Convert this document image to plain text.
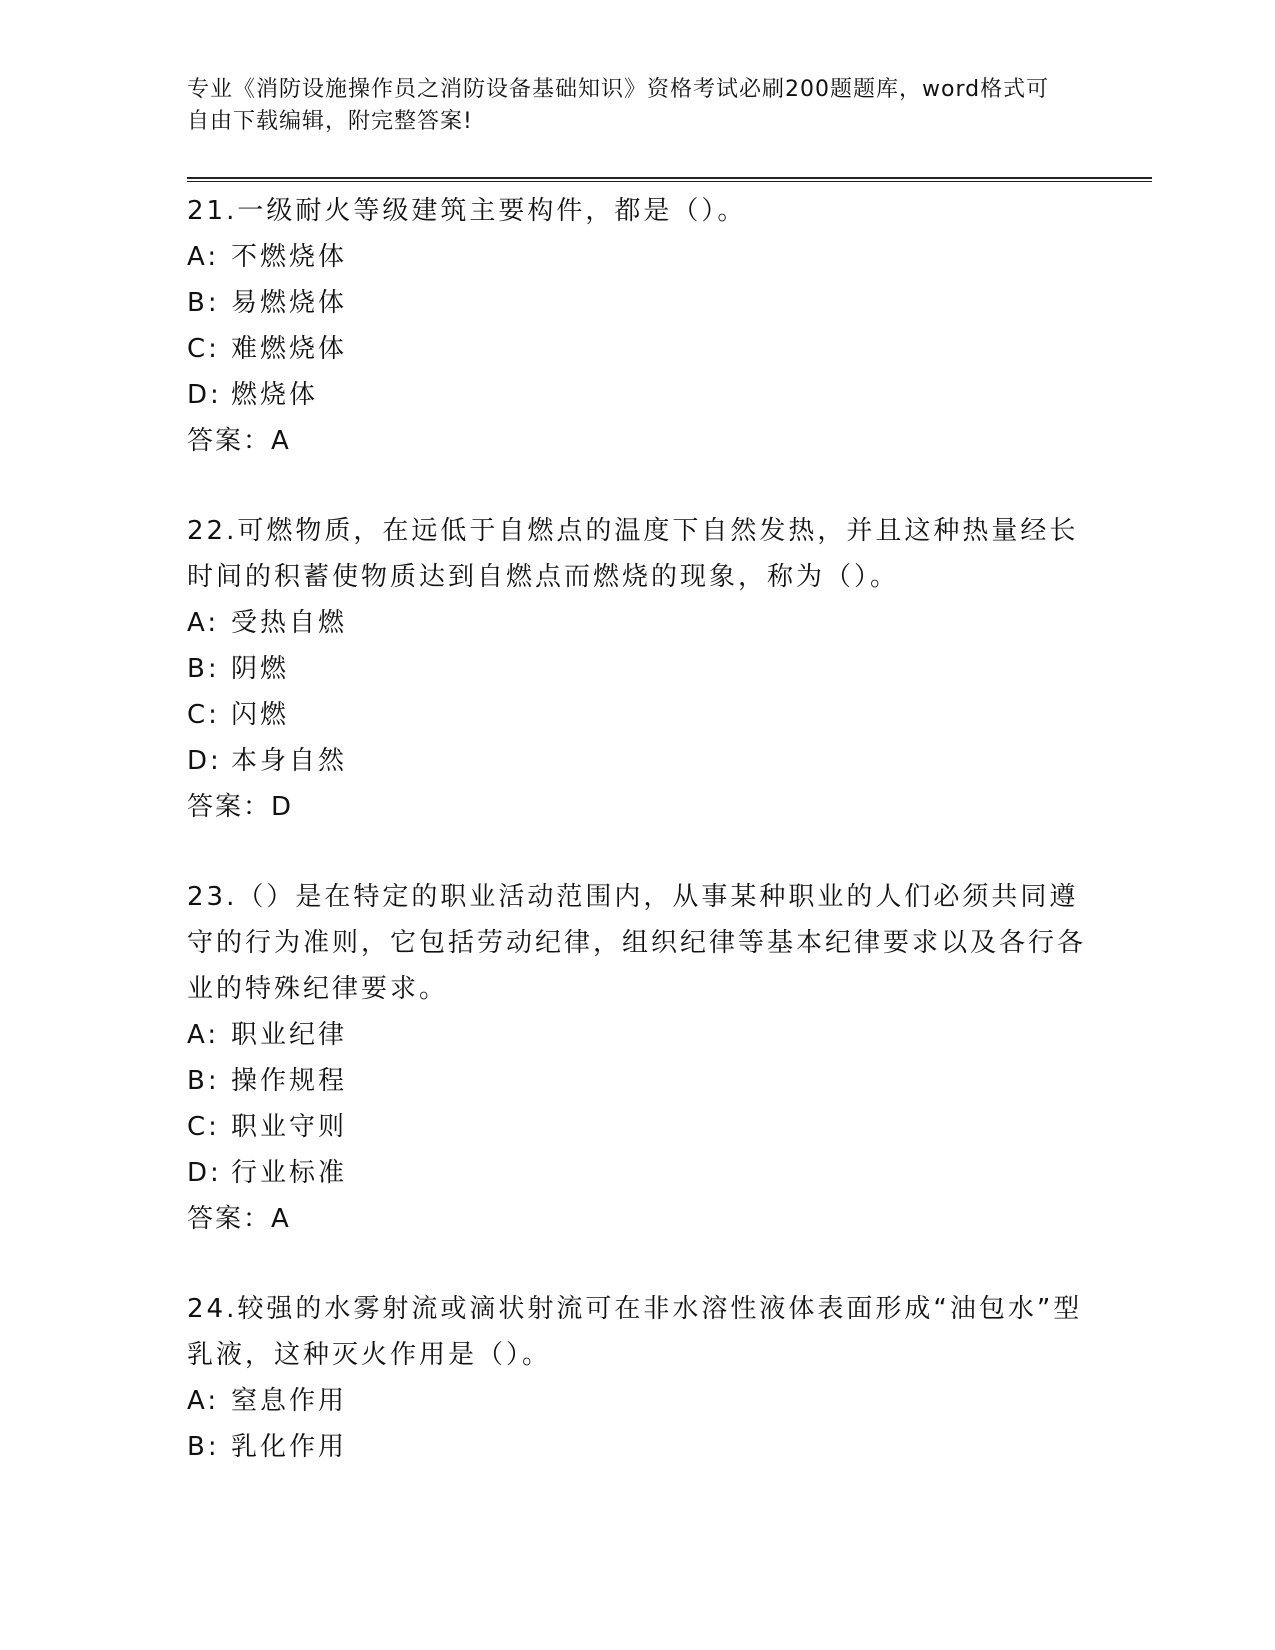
专业《消防设施操作员之消防设备基础知识》资格考试必刷200题题库，word格式可自由下载编辑，附完整答案!

21.一级耐火等级建筑主要构件，都是（）。

A: 不燃烧体

B: 易燃烧体

C: 难燃烧体

D: 燃烧体

答案：A

22.可燃物质，在远低于自燃点的温度下自然发热，并且这种热量经长时间的积蓄使物质达到自燃点而燃烧的现象，称为（）。

A: 受热自燃

B: 阴燃

C: 闪燃

D: 本身自然

答案：D

23.（）是在特定的职业活动范围内，从事某种职业的人们必须共同遵守的行为准则，它包括劳动纪律，组织纪律等基本纪律要求以及各行各业的特殊纪律要求。

A: 职业纪律

B: 操作规程

C: 职业守则

D: 行业标准

答案：A

24.较强的水雾射流或滴状射流可在非水溶性液体表面形成“油包水”型乳液，这种灭火作用是（）。

A: 窒息作用

B: 乳化作用
